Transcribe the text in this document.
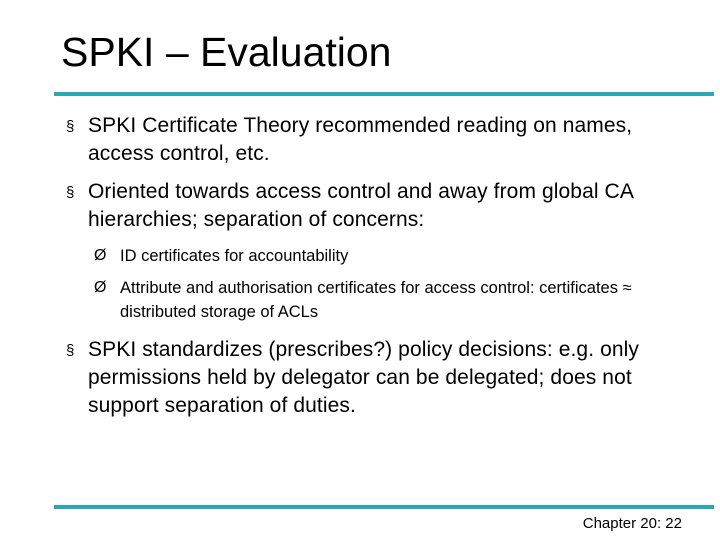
SPKI – Evaluation
§ SPKI Certificate Theory recommended reading on names, access control, etc.
§ Oriented towards access control and away from global CA hierarchies; separation of concerns:
Ø ID certificates for accountability
Ø Attribute and authorisation certificates for access control: certificates ≈ distributed storage of ACLs
§ SPKI standardizes (prescribes?) policy decisions: e.g. only permissions held by delegator can be delegated; does not support separation of duties.
Chapter 20: 22
